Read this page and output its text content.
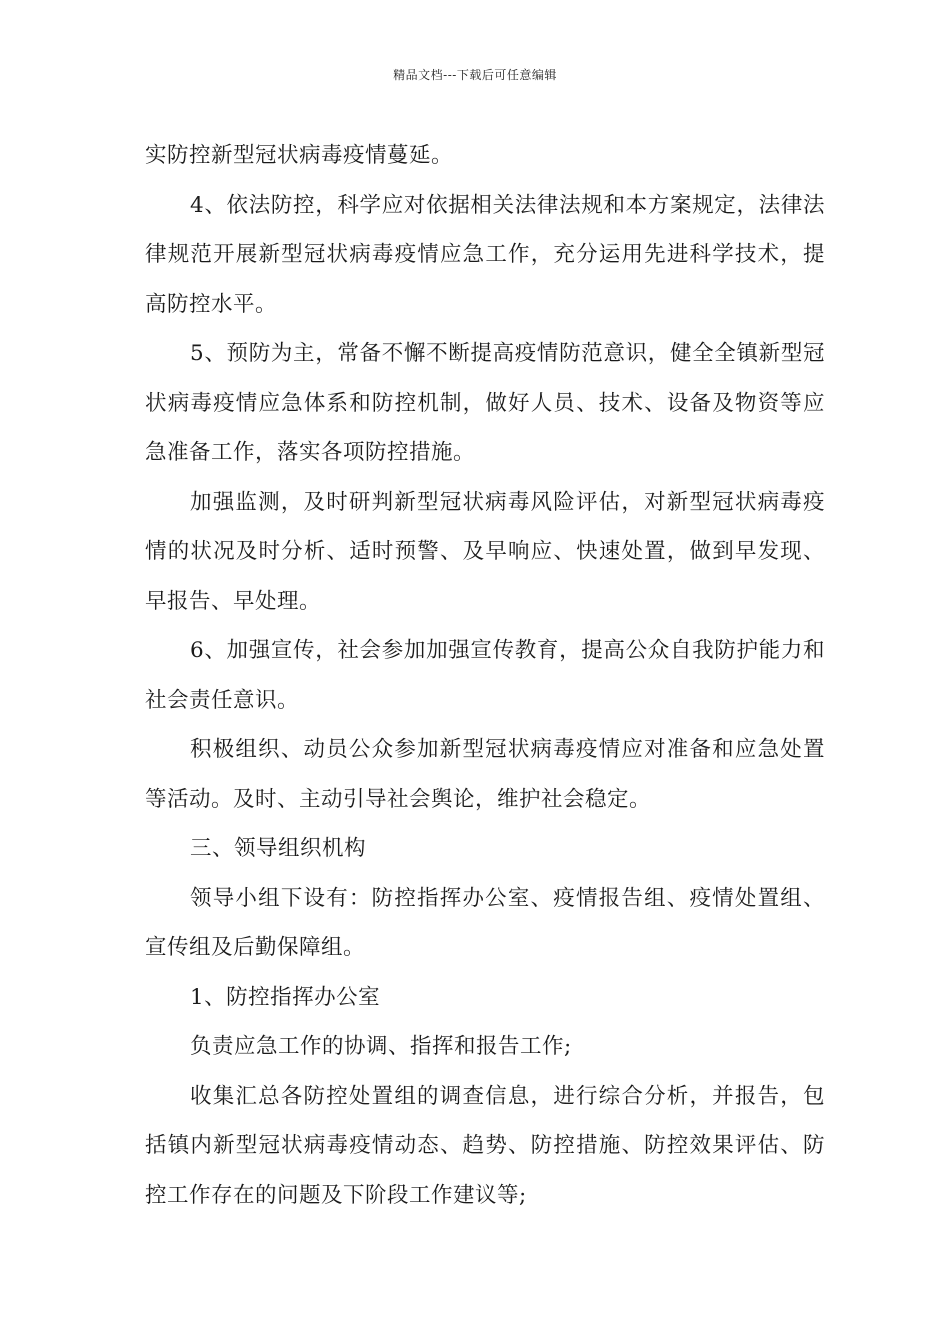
精品文档---下载后可任意编辑

实防控新型冠状病毒疫情蔓延。

4、依法防控，科学应对依据相关法律法规和本方案规定，法律法律规范开展新型冠状病毒疫情应急工作，充分运用先进科学技术，提高防控水平。

5、预防为主，常备不懈不断提高疫情防范意识，健全全镇新型冠状病毒疫情应急体系和防控机制，做好人员、技术、设备及物资等应急准备工作，落实各项防控措施。

加强监测，及时研判新型冠状病毒风险评估，对新型冠状病毒疫情的状况及时分析、适时预警、及早响应、快速处置，做到早发现、早报告、早处理。

6、加强宣传，社会参加加强宣传教育，提高公众自我防护能力和社会责任意识。

积极组织、动员公众参加新型冠状病毒疫情应对准备和应急处置等活动。及时、主动引导社会舆论，维护社会稳定。

三、领导组织机构

领导小组下设有：防控指挥办公室、疫情报告组、疫情处置组、宣传组及后勤保障组。

1、防控指挥办公室

负责应急工作的协调、指挥和报告工作;

收集汇总各防控处置组的调查信息，进行综合分析，并报告，包括镇内新型冠状病毒疫情动态、趋势、防控措施、防控效果评估、防控工作存在的问题及下阶段工作建议等;
